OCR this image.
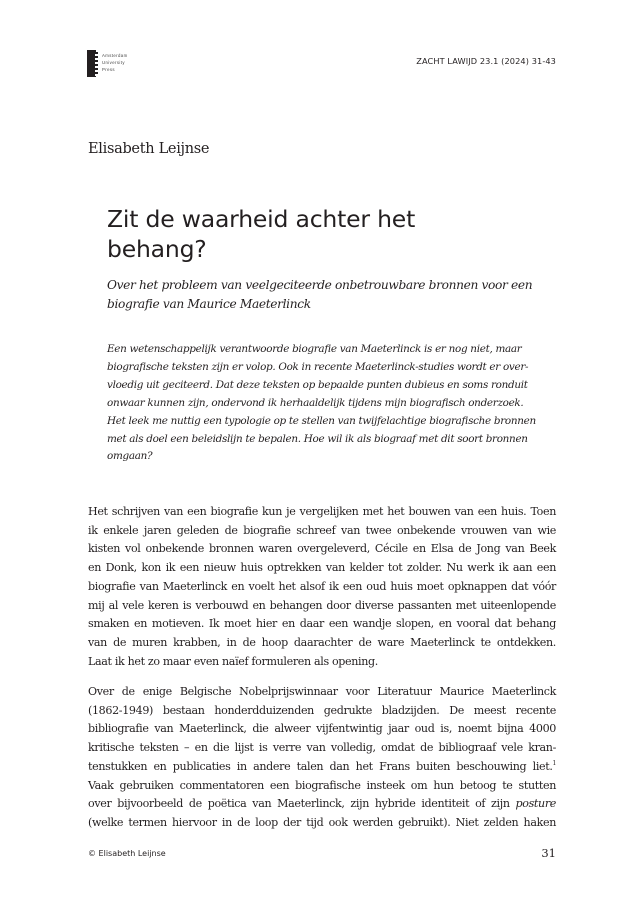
Amsterdam
University
Press
ZACHT LAWIJD 23.1 (2024) 31-43
Elisabeth Leijnse
Zit de waarheid achter het
behang?
Over het probleem van veelgeciteerde onbetrouwbare bronnen voor een
biografie van Maurice Maeterlinck
Een wetenschappelijk verantwoorde biografie van Maeterlinck is er nog niet, maar
biografische teksten zijn er volop. Ook in recente Maeterlinck-studies wordt er over-
vloedig uit geciteerd. Dat deze teksten op bepaalde punten dubieus en soms ronduit
onwaar kunnen zijn, ondervond ik herhaaldelijk tijdens mijn biografisch onderzoek.
Het leek me nuttig een typologie op te stellen van twijfelachtige biografische bronnen
met als doel een beleidslijn te bepalen. Hoe wil ik als biograaf met dit soort bronnen
omgaan?
Het schrijven van een biografie kun je vergelijken met het bouwen van een huis. Toen
ik enkele jaren geleden de biografie schreef van twee onbekende vrouwen van wie
kisten vol onbekende bronnen waren overgeleverd, Cécile en Elsa de Jong van Beek
en Donk, kon ik een nieuw huis optrekken van kelder tot zolder. Nu werk ik aan een
biografie van Maeterlinck en voelt het alsof ik een oud huis moet opknappen dat vóór
mij al vele keren is verbouwd en behangen door diverse passanten met uiteenlopende
smaken en motieven. Ik moet hier en daar een wandje slopen, en vooral dat behang
van de muren krabben, in de hoop daarachter de ware Maeterlinck te ontdekken.
Laat ik het zo maar even naïef formuleren als opening.
Over de enige Belgische Nobelprijswinnaar voor Literatuur Maurice Maeterlinck
(1862-1949) bestaan honderdduizenden gedrukte bladzijden. De meest recente
bibliografie van Maeterlinck, die alweer vijfentwintig jaar oud is, noemt bijna 4000
kritische teksten – en die lijst is verre van volledig, omdat de bibliograaf vele kran-
tenstukken en publicaties in andere talen dan het Frans buiten beschouwing liet.$^1$
Vaak gebruiken commentatoren een biografische insteek om hun betoog te stutten
over bijvoorbeeld de poëtica van Maeterlinck, zijn hybride identiteit of zijn posture
(welke termen hiervoor in de loop der tijd ook werden gebruikt). Niet zelden haken
© Elisabeth Leijnse	31
